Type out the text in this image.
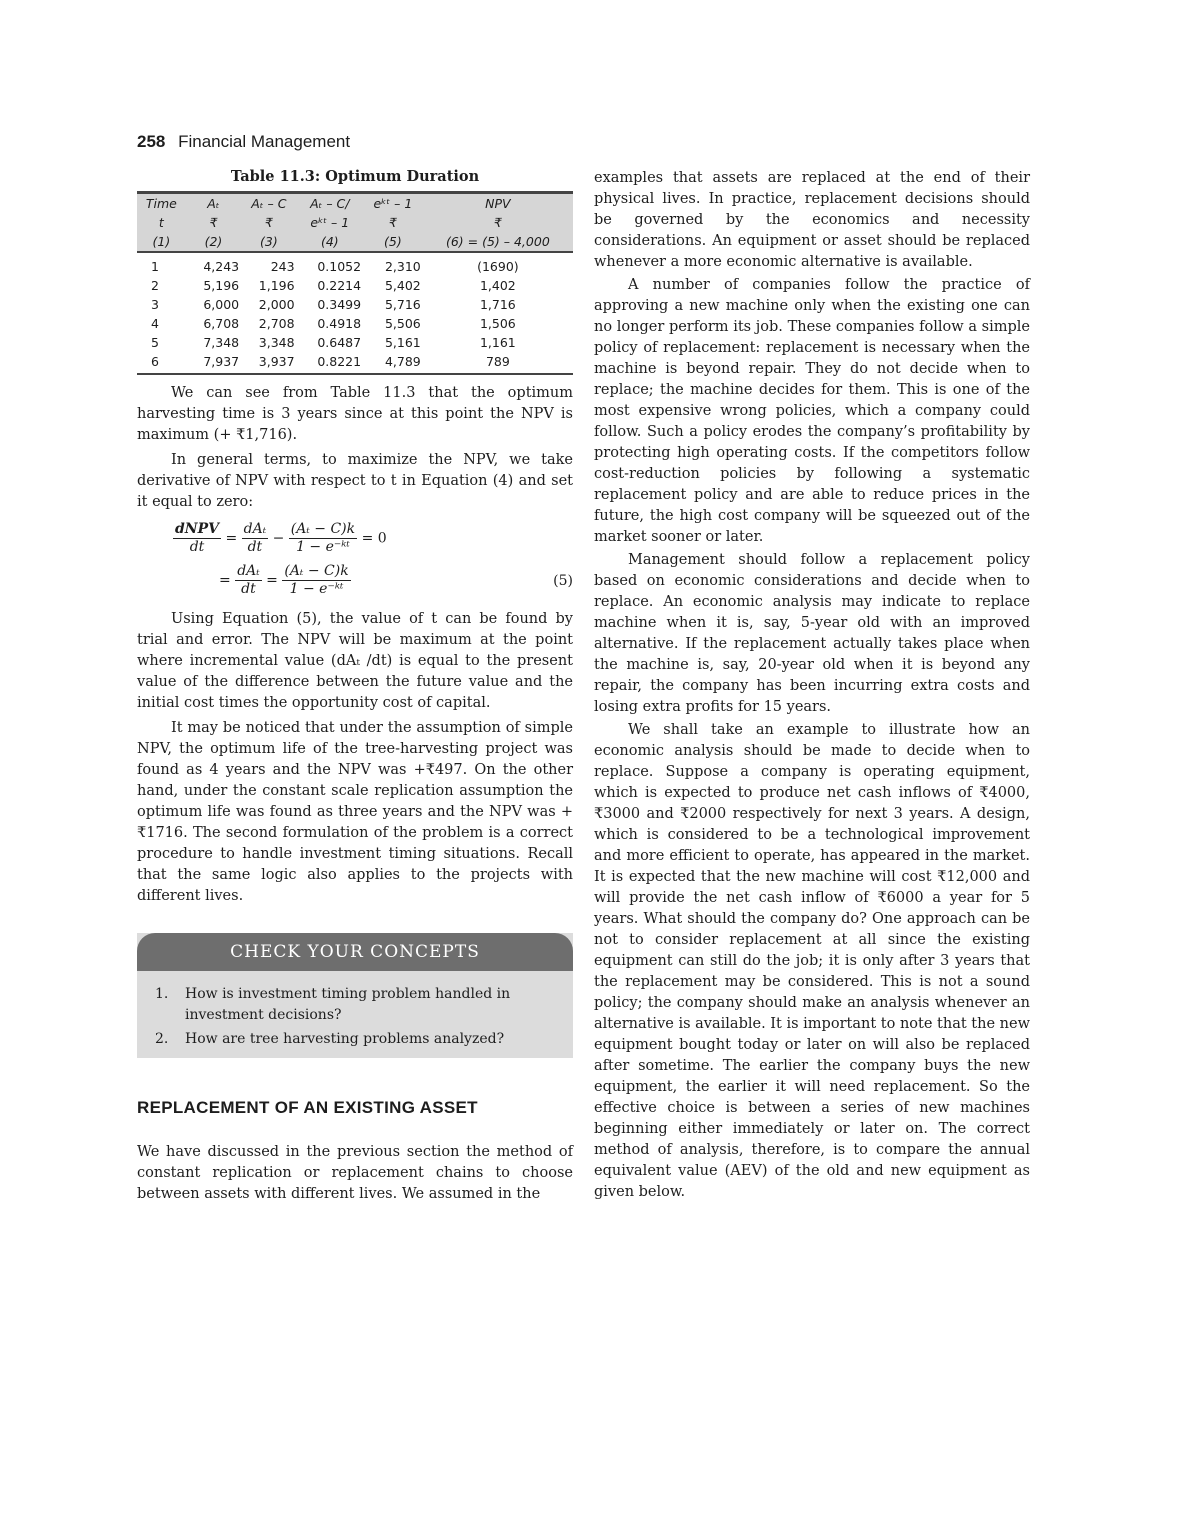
258 Financial Management
Table 11.3: Optimum Duration
Time	Aₜ	Aₜ – C	Aₜ – C/	eᵏᵗ – 1	NPV
t	₹	₹	eᵏᵗ – 1	₹	₹
(1)	(2)	(3)	(4)	(5)	(6) = (5) – 4,000
1	4,243	243	0.1052	2,310	(1690)
2	5,196	1,196	0.2214	5,402	1,402
3	6,000	2,000	0.3499	5,716	1,716
4	6,708	2,708	0.4918	5,506	1,506
5	7,348	3,348	0.6487	5,161	1,161
6	7,937	3,937	0.8221	4,789	789

We can see from Table 11.3 that the optimum harvesting time is 3 years since at this point the NPV is maximum (+ ₹1,716).

In general terms, to maximize the NPV, we take derivative of NPV with respect to t in Equation (4) and set it equal to zero:

$\frac{\text{dNPV}}{dt} = \frac{\text{dAₜ}}{dt} - \frac{\text{(Aₜ − C)k}}{\text{1 − e⁻ᵏᵗ}} = 0$
= $\frac{\text{dAₜ}}{dt} = \frac{\text{(Aₜ − C)k}}{\text{1 − e⁻ᵏᵗ}}$	(5)

Using Equation (5), the value of t can be found by trial and error. The NPV will be maximum at the point where incremental value (dAₜ /dt) is equal to the present value of the difference between the future value and the initial cost times the opportunity cost of capital.

It may be noticed that under the assumption of simple NPV, the optimum life of the tree-harvesting project was found as 4 years and the NPV was +₹497. On the other hand, under the constant scale replication assumption the optimum life was found as three years and the NPV was + ₹1716. The second formulation of the problem is a correct procedure to handle investment timing situations. Recall that the same logic also applies to the projects with different lives.

CHECK YOUR CONCEPTS
1.	How is investment timing problem handled in investment decisions?
2.	How are tree harvesting problems analyzed?
REPLACEMENT OF AN EXISTING ASSET

We have discussed in the previous section the method of constant replication or replacement chains to choose between assets with different lives. We assumed in the

examples that assets are replaced at the end of their physical lives. In practice, replacement decisions should be governed by the economics and necessity considerations. An equipment or asset should be replaced whenever a more economic alternative is available.

A number of companies follow the practice of approving a new machine only when the existing one can no longer perform its job. These companies follow a simple policy of replacement: replacement is necessary when the machine is beyond repair. They do not decide when to replace; the machine decides for them. This is one of the most expensive wrong policies, which a company could follow. Such a policy erodes the company’s profitability by protecting high operating costs. If the competitors follow cost-reduction policies by following a systematic replacement policy and are able to reduce prices in the future, the high cost company will be squeezed out of the market sooner or later.

Management should follow a replacement policy based on economic considerations and decide when to replace. An economic analysis may indicate to replace machine when it is, say, 5-year old with an improved alternative. If the replacement actually takes place when the machine is, say, 20-year old when it is beyond any repair, the company has been incurring extra costs and losing extra profits for 15 years.

We shall take an example to illustrate how an economic analysis should be made to decide when to replace. Suppose a company is operating equipment, which is expected to produce net cash inflows of ₹4000, ₹3000 and ₹2000 respectively for next 3 years. A design, which is considered to be a technological improvement and more efficient to operate, has appeared in the market. It is expected that the new machine will cost ₹12,000 and will provide the net cash inflow of ₹6000 a year for 5 years. What should the company do? One approach can be not to consider replacement at all since the existing equipment can still do the job; it is only after 3 years that the replacement may be considered. This is not a sound policy; the company should make an analysis whenever an alternative is available. It is important to note that the new equipment bought today or later on will also be replaced after sometime. The earlier the company buys the new equipment, the earlier it will need replacement. So the effective choice is between a series of new machines beginning either immediately or later on. The correct method of analysis, therefore, is to compare the annual equivalent value (AEV) of the old and new equipment as given below.
